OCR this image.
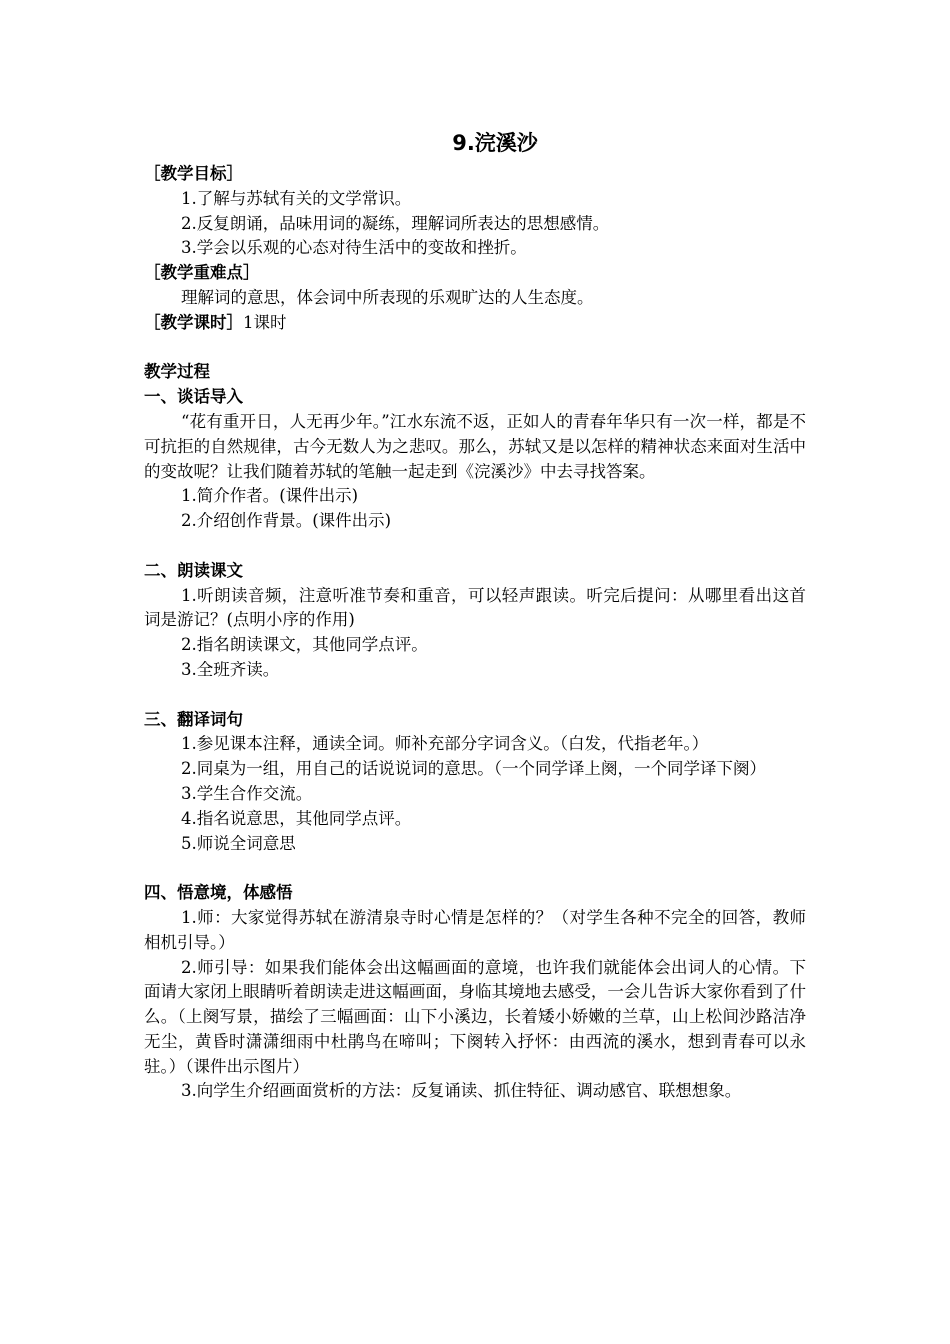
9.浣溪沙
［教学目标］
1.了解与苏轼有关的文学常识。
2.反复朗诵，品味用词的凝练，理解词所表达的思想感情。
3.学会以乐观的心态对待生活中的变故和挫折。
［教学重难点］
理解词的意思，体会词中所表现的乐观旷达的人生态度。
［教学课时］1课时
教学过程
一、谈话导入
“花有重开日，人无再少年。”江水东流不返，正如人的青春年华只有一次一样，都是不可抗拒的自然规律，古今无数人为之悲叹。那么，苏轼又是以怎样的精神状态来面对生活中的变故呢？让我们随着苏轼的笔触一起走到《浣溪沙》中去寻找答案。
1.简介作者。(课件出示)
2.介绍创作背景。(课件出示)
二、朗读课文
1.听朗读音频，注意听准节奏和重音，可以轻声跟读。听完后提问：从哪里看出这首词是游记？(点明小序的作用)
2.指名朗读课文，其他同学点评。
3.全班齐读。
三、翻译词句
1.参见课本注释，通读全词。师补充部分字词含义。（白发，代指老年。）
2.同桌为一组，用自己的话说说词的意思。（一个同学译上阕，一个同学译下阕）
3.学生合作交流。
4.指名说意思，其他同学点评。
5.师说全词意思
四、悟意境，体感悟
1.师：大家觉得苏轼在游清泉寺时心情是怎样的？（对学生各种不完全的回答，教师相机引导。）
2.师引导：如果我们能体会出这幅画面的意境，也许我们就能体会出词人的心情。下面请大家闭上眼睛听着朗读走进这幅画面，身临其境地去感受，一会儿告诉大家你看到了什么。（上阕写景，描绘了三幅画面：山下小溪边，长着矮小娇嫩的兰草，山上松间沙路洁净无尘，黄昏时潇潇细雨中杜鹃鸟在啼叫；下阕转入抒怀：由西流的溪水，想到青春可以永驻。）（课件出示图片）
3.向学生介绍画面赏析的方法：反复诵读、抓住特征、调动感官、联想想象。
